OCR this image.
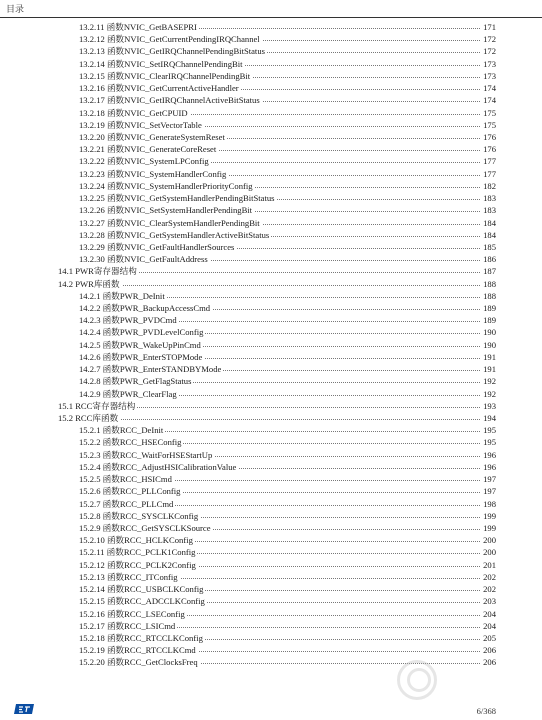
目录
13.2.11 函数NVIC_GetBASEPRI	171
13.2.12 函数NVIC_GetCurrentPendingIRQChannel	172
13.2.13 函数NVIC_GetIRQChannelPendingBitStatus	172
13.2.14 函数NVIC_SetIRQChannelPendingBit	173
13.2.15 函数NVIC_ClearIRQChannelPendingBit	173
13.2.16 函数NVIC_GetCurrentActiveHandler	174
13.2.17 函数NVIC_GetIRQChannelActiveBitStatus	174
13.2.18 函数NVIC_GetCPUID	175
13.2.19 函数NVIC_SetVectorTable	175
13.2.20 函数NVIC_GenerateSystemReset	176
13.2.21 函数NVIC_GenerateCoreReset	176
13.2.22 函数NVIC_SystemLPConfig	177
13.2.23 函数NVIC_SystemHandlerConfig	177
13.2.24 函数NVIC_SystemHandlerPriorityConfig	182
13.2.25 函数NVIC_GetSystemHandlerPendingBitStatus	183
13.2.26 函数NVIC_SetSystemHandlerPendingBit	183
13.2.27 函数NVIC_ClearSystemHandlerPendingBit	184
13.2.28 函数NVIC_GetSystemHandlerActiveBitStatus	184
13.2.29 函数NVIC_GetFaultHandlerSources	185
13.2.30 函数NVIC_GetFaultAddress	186
14.1 PWR寄存器结构	187
14.2 PWR库函数	188
14.2.1 函数PWR_DeInit	188
14.2.2 函数PWR_BackupAccessCmd	189
14.2.3 函数PWR_PVDCmd	189
14.2.4 函数PWR_PVDLevelConfig	190
14.2.5 函数PWR_WakeUpPinCmd	190
14.2.6 函数PWR_EnterSTOPMode	191
14.2.7 函数PWR_EnterSTANDBYMode	191
14.2.8 函数PWR_GetFlagStatus	192
14.2.9 函数PWR_ClearFlag	192
15.1 RCC寄存器结构	193
15.2 RCC库函数	194
15.2.1 函数RCC_DeInit	195
15.2.2 函数RCC_HSEConfig	195
15.2.3 函数RCC_WaitForHSEStartUp	196
15.2.4 函数RCC_AdjustHSICalibrationValue	196
15.2.5 函数RCC_HSICmd	197
15.2.6 函数RCC_PLLConfig	197
15.2.7 函数RCC_PLLCmd	198
15.2.8 函数RCC_SYSCLKConfig	199
15.2.9 函数RCC_GetSYSCLKSource	199
15.2.10 函数RCC_HCLKConfig	200
15.2.11 函数RCC_PCLK1Config	200
15.2.12 函数RCC_PCLK2Config	201
15.2.13 函数RCC_ITConfig	202
15.2.14 函数RCC_USBCLKConfig	202
15.2.15 函数RCC_ADCCLKConfig	203
15.2.16 函数RCC_LSEConfig	204
15.2.17 函数RCC_LSICmd	204
15.2.18 函数RCC_RTCCLKConfig	205
15.2.19 函数RCC_RTCCLKCmd	206
15.2.20 函数RCC_GetClocksFreq	206
6/368
